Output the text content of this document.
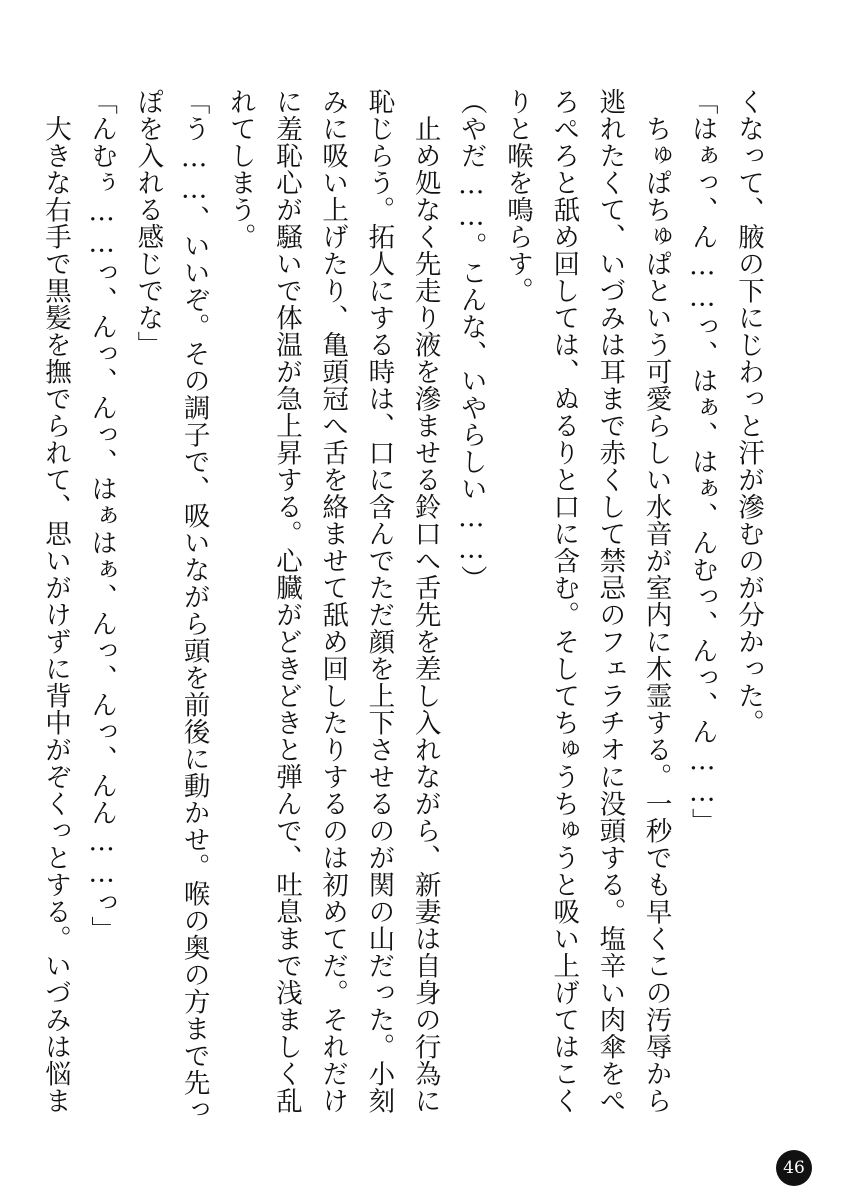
くなって、腋の下にじわっと汗が滲むのが分かった。
「はぁっ、ん……っ、はぁ、はぁ、んむっ、んっ、ん……」
　ちゅぱちゅぱという可愛らしい水音が室内に木霊する。一秒でも早くこの汚辱から
逃れたくて、いづみは耳まで赤くして禁忌のフェラチオに没頭する。塩辛い肉傘をぺ
ろぺろと舐め回しては、ぬるりと口に含む。そしてちゅうちゅうと吸い上げてはこく
りと喉を鳴らす。
（やだ……。こんな、いやらしい……）
　止め処なく先走り液を滲ませる鈴口へ舌先を差し入れながら、新妻は自身の行為に
恥じらう。拓人にする時は、口に含んでただ顔を上下させるのが関の山だった。小刻
みに吸い上げたり、亀頭冠へ舌を絡ませて舐め回したりするのは初めてだ。それだけ
に羞恥心が騒いで体温が急上昇する。心臓がどきどきと弾んで、吐息まで浅ましく乱
れてしまう。
「う……、いいぞ。その調子で、吸いながら頭を前後に動かせ。喉の奥の方まで先っ
ぽを入れる感じでな」
「んむぅ……っ、んっ、んっ、はぁはぁ、んっ、んっ、んん……っ」
　大きな右手で黒髪を撫でられて、思いがけずに背中がぞくっとする。いづみは悩ま
46
